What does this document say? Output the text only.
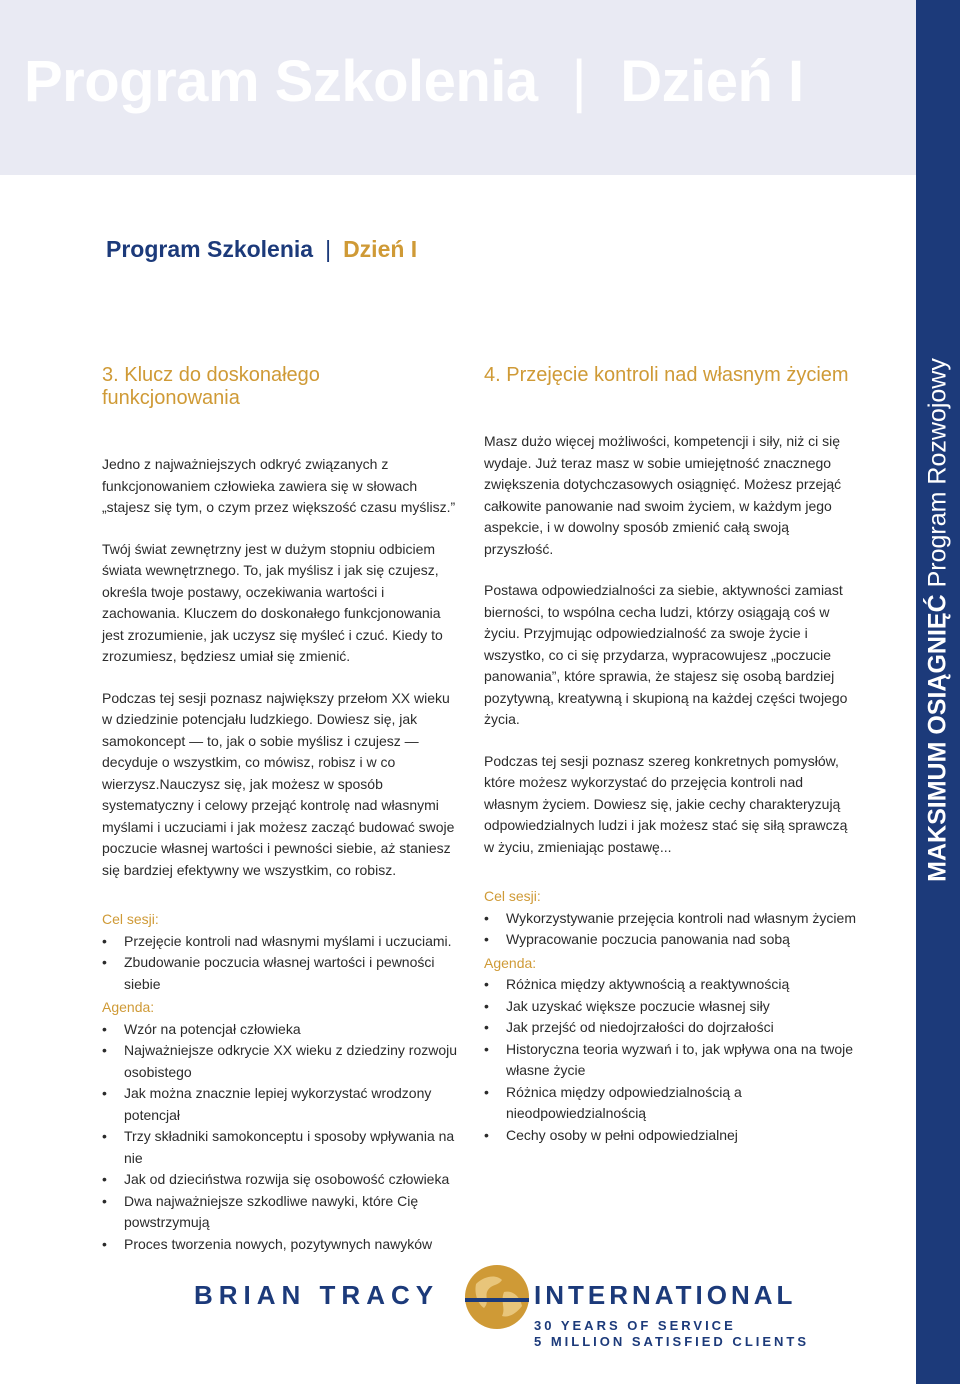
Program Szkolenia | Dzień I
Program Szkolenia | Dzień I
MAKSIMUM OSIĄGNIĘĆ Program Rozwojowy
3. Klucz do doskonałego funkcjonowania

Jedno z najważniejszych odkryć związanych z funkcjonowaniem człowieka zawiera się w słowach „stajesz się tym, o czym przez większość czasu myślisz.”

Twój świat zewnętrzny jest w dużym stopniu odbiciem świata wewnętrznego. To, jak myślisz i jak się czujesz, określa twoje postawy, oczekiwania wartości i zachowania. Kluczem do doskonałego funkcjonowania jest zrozumienie, jak uczysz się myśleć i czuć. Kiedy to zrozumiesz, będziesz umiał się zmienić.

Podczas tej sesji poznasz największy przełom XX wieku w dziedzinie potencjału ludzkiego. Dowiesz się, jak samokoncept — to, jak o sobie myślisz i czujesz — decyduje o wszystkim, co mówisz, robisz i w co wierzysz.Nauczysz się, jak możesz w sposób systematyczny i celowy przejąć kontrolę nad własnymi myślami i uczuciami i jak możesz zacząć budować swoje poczucie własnej wartości i pewności siebie, aż staniesz się bardziej efektywny we wszystkim, co robisz.

Cel sesji:

• Przejęcie kontroli nad własnymi myślami i uczuciami.
• Zbudowanie poczucia własnej wartości i pewności siebie

Agenda:

• Wzór na potencjał człowieka
• Najważniejsze odkrycie XX wieku z dziedziny rozwoju osobistego
• Jak można znacznie lepiej wykorzystać wrodzony potencjał
• Trzy składniki samokonceptu i sposoby wpływania na nie
• Jak od dzieciństwa rozwija się osobowość człowieka
• Dwa najważniejsze szkodliwe nawyki, które Cię powstrzymują
• Proces tworzenia nowych, pozytywnych nawyków
4. Przejęcie kontroli nad własnym życiem

Masz dużo więcej możliwości, kompetencji i siły, niż ci się wydaje. Już teraz masz w sobie umiejętność znacznego zwiększenia dotychczasowych osiągnięć. Możesz przejąć całkowite panowanie nad swoim życiem, w każdym jego aspekcie, i w dowolny sposób zmienić całą swoją przyszłość.

Postawa odpowiedzialności za siebie, aktywności zamiast bierności, to wspólna cecha ludzi, którzy osiągają coś w życiu. Przyjmując odpowiedzialność za swoje życie i wszystko, co ci się przydarza, wypracowujesz „poczucie panowania”, które sprawia, że stajesz się osobą bardziej pozytywną, kreatywną i skupioną na każdej części twojego życia.

Podczas tej sesji poznasz szereg konkretnych pomysłów, które możesz wykorzystać do przejęcia kontroli nad własnym życiem. Dowiesz się, jakie cechy charakteryzują odpowiedzialnych ludzi i jak możesz stać się siłą sprawczą w życiu, zmieniając postawę...

Cel sesji:

• Wykorzystywanie przejęcia kontroli nad własnym życiem
• Wypracowanie poczucia panowania nad sobą

Agenda:

• Różnica między aktywnością a reaktywnością
• Jak uzyskać większe poczucie własnej siły
• Jak przejść od niedojrzałości do dojrzałości
• Historyczna teoria wyzwań i to, jak wpływa ona na twoje własne życie
• Różnica między odpowiedzialnością a nieodpowiedzialnością
• Cechy osoby w pełni odpowiedzialnej
BRIAN TRACY	INTERNATIONAL
30 YEARS OF SERVICE
5 MILLION SATISFIED CLIENTS
